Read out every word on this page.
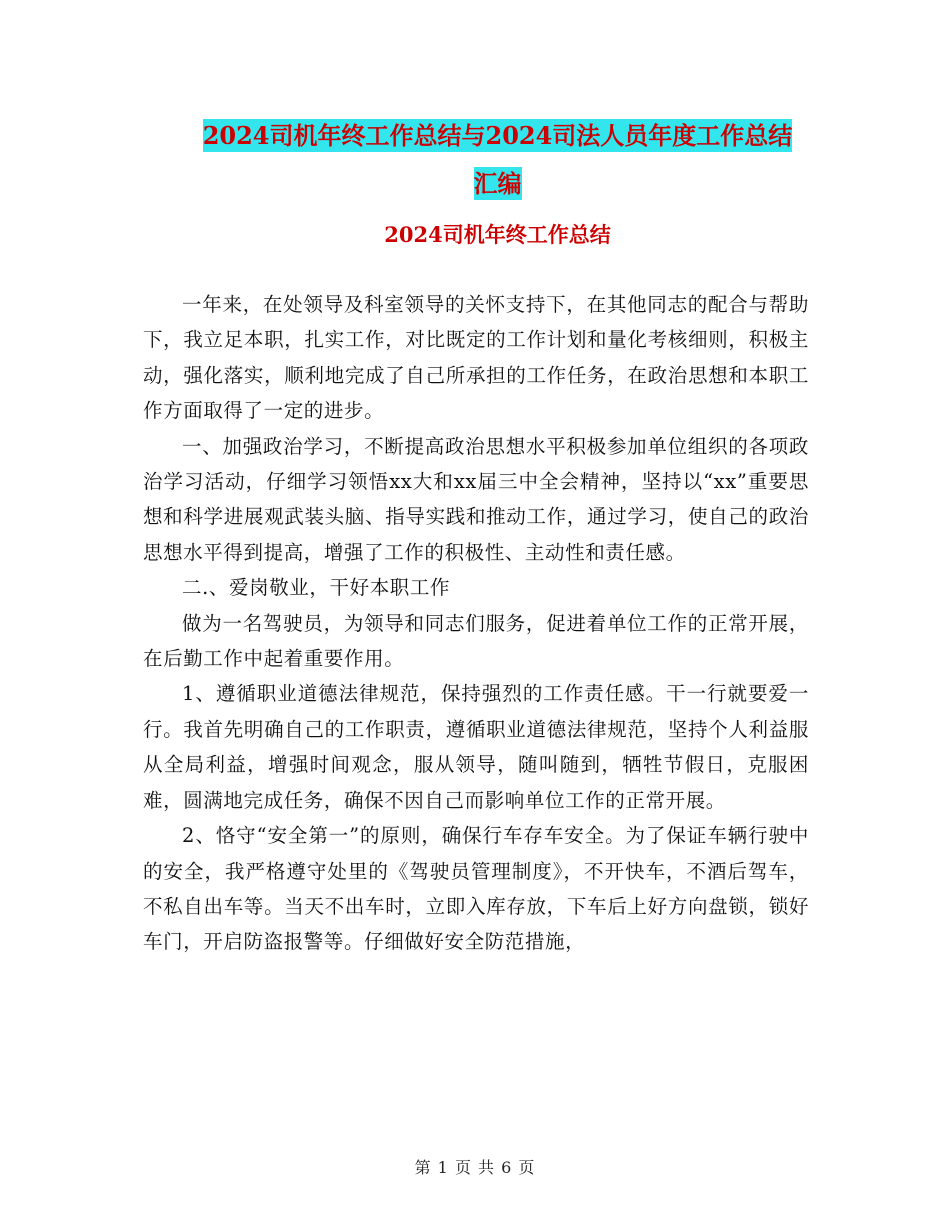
2024司机年终工作总结与2024司法人员年度工作总结
汇编
2024司机年终工作总结

一年来，在处领导及科室领导的关怀支持下，在其他同志的配合与帮助下，我立足本职，扎实工作，对比既定的工作计划和量化考核细则，积极主动，强化落实，顺利地完成了自己所承担的工作任务，在政治思想和本职工作方面取得了一定的进步。

一、加强政治学习，不断提高政治思想水平积极参加单位组织的各项政治学习活动，仔细学习领悟xx大和xx届三中全会精神，坚持以“xx”重要思想和科学进展观武装头脑、指导实践和推动工作，通过学习，使自己的政治思想水平得到提高，增强了工作的积极性、主动性和责任感。

二.、爱岗敬业，干好本职工作

做为一名驾驶员，为领导和同志们服务，促进着单位工作的正常开展，在后勤工作中起着重要作用。

1、遵循职业道德法律规范，保持强烈的工作责任感。干一行就要爱一行。我首先明确自己的工作职责，遵循职业道德法律规范，坚持个人利益服从全局利益，增强时间观念，服从领导，随叫随到，牺牲节假日，克服困难，圆满地完成任务，确保不因自己而影响单位工作的正常开展。

2、恪守“安全第一”的原则，确保行车存车安全。为了保证车辆行驶中的安全，我严格遵守处里的《驾驶员管理制度》，不开快车，不酒后驾车，不私自出车等。当天不出车时，立即入库存放，下车后上好方向盘锁，锁好车门，开启防盗报警等。仔细做好安全防范措施，

第 1 页 共 6 页
